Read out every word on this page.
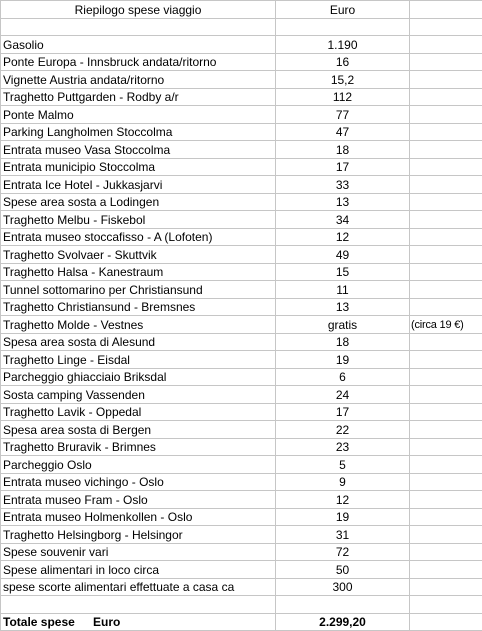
Riepilogo spese viaggio	Euro	

Gasolio	1.190	
Ponte Europa - Innsbruck andata/ritorno	16	
Vignette Austria andata/ritorno	15,2	
Traghetto Puttgarden - Rodby a/r	112	
Ponte Malmo	77	
Parking Langholmen Stoccolma	47	
Entrata museo Vasa Stoccolma	18	
Entrata municipio Stoccolma	17	
Entrata Ice Hotel - Jukkasjarvi	33	
Spese area sosta a Lodingen	13	
Traghetto Melbu - Fiskebol	34	
Entrata museo stoccafisso - A (Lofoten)	12	
Traghetto Svolvaer - Skuttvik	49	
Traghetto Halsa - Kanestraum	15	
Tunnel sottomarino per Christiansund	11	
Traghetto Christiansund - Bremsnes	13	
Traghetto Molde - Vestnes	gratis	(circa 19 €)
Spesa area sosta di Alesund	18	
Traghetto Linge - Eisdal	19	
Parcheggio ghiacciaio Briksdal	6	
Sosta camping Vassenden	24	
Traghetto Lavik - Oppedal	17	
Spesa area sosta di Bergen	22	
Traghetto Bruravik - Brimnes	23	
Parcheggio Oslo	5	
Entrata museo vichingo - Oslo	9	
Entrata museo Fram - Oslo	12	
Entrata museo Holmenkollen - Oslo	19	
Traghetto Helsingborg - Helsingor	31	
Spese souvenir vari	72	
Spese alimentari in loco circa	50	
spese scorte alimentari effettuate a casa ca	300	

Totale spese Euro	2.299,20	
